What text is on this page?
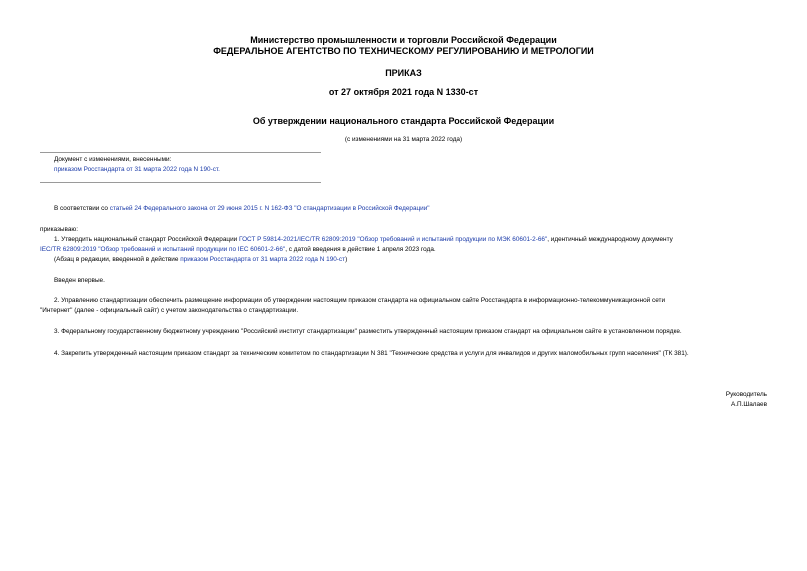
Министерство промышленности и торговли Российской Федерации
ФЕДЕРАЛЬНОЕ АГЕНТСТВО ПО ТЕХНИЧЕСКОМУ РЕГУЛИРОВАНИЮ И МЕТРОЛОГИИ
ПРИКАЗ
от 27 октября 2021 года N 1330-ст
Об утверждении национального стандарта Российской Федерации
(с изменениями на 31 марта 2022 года)
Документ с изменениями, внесенными:
приказом Росстандарта от 31 марта 2022 года N 190-ст.
В соответствии со статьей 24 Федерального закона от 29 июня 2015 г. N 162-ФЗ "О стандартизации в Российской Федерации"
приказываю:
1. Утвердить национальный стандарт Российской Федерации ГОСТ Р 59814-2021/IEC/TR 62809:2019 "Обзор требований и испытаний продукции по МЭК 60601-2-66", идентичный международному документу
IEC/TR 62809:2019 "Обзор требований и испытаний продукции по IEC 60601-2-66", с датой введения в действие 1 апреля 2023 года.
(Абзац в редакции, введенной в действие приказом Росстандарта от 31 марта 2022 года N 190-ст)
Введен впервые.
2. Управлению стандартизации обеспечить размещение информации об утверждении настоящим приказом стандарта на официальном сайте Росстандарта в информационно-телекоммуникационной сети
"Интернет" (далее - официальный сайт) с учетом законодательства о стандартизации.
3. Федеральному государственному бюджетному учреждению "Российский институт стандартизации" разместить утвержденный настоящим приказом стандарт на официальном сайте в установленном порядке.
4. Закрепить утвержденный настоящим приказом стандарт за техническим комитетом по стандартизации N 381 "Технические средства и услуги для инвалидов и других маломобильных групп населения" (ТК 381).
Руководитель
А.П.Шалаев
